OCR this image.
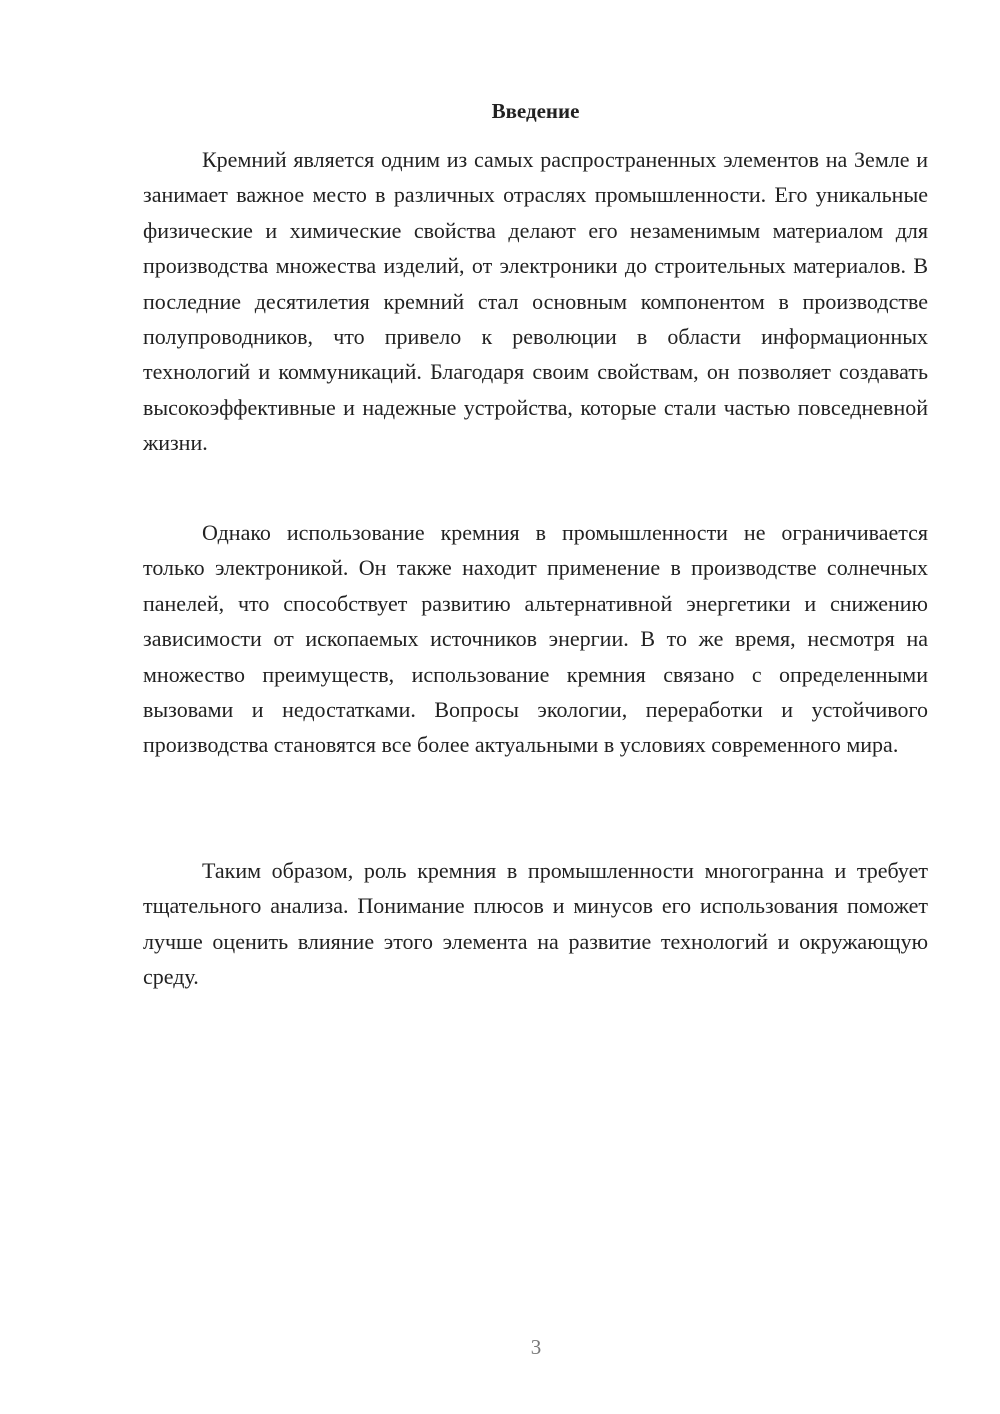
Введение

Кремний является одним из самых распространенных элементов на Земле и занимает важное место в различных отраслях промышленности. Его уникальные физические и химические свойства делают его незаменимым материалом для производства множества изделий, от электроники до строительных материалов. В последние десятилетия кремний стал основным компонентом в производстве полупроводников, что привело к революции в области информационных технологий и коммуникаций. Благодаря своим свойствам, он позволяет создавать высокоэффективные и надежные устройства, которые стали частью повседневной жизни.

Однако использование кремния в промышленности не ограничивается только электроникой. Он также находит применение в производстве солнечных панелей, что способствует развитию альтернативной энергетики и снижению зависимости от ископаемых источников энергии. В то же время, несмотря на множество преимуществ, использование кремния связано с определенными вызовами и недостатками. Вопросы экологии, переработки и устойчивого производства становятся все более актуальными в условиях современного мира.

Таким образом, роль кремния в промышленности многогранна и требует тщательного анализа. Понимание плюсов и минусов его использования поможет лучше оценить влияние этого элемента на развитие технологий и окружающую среду.

3
